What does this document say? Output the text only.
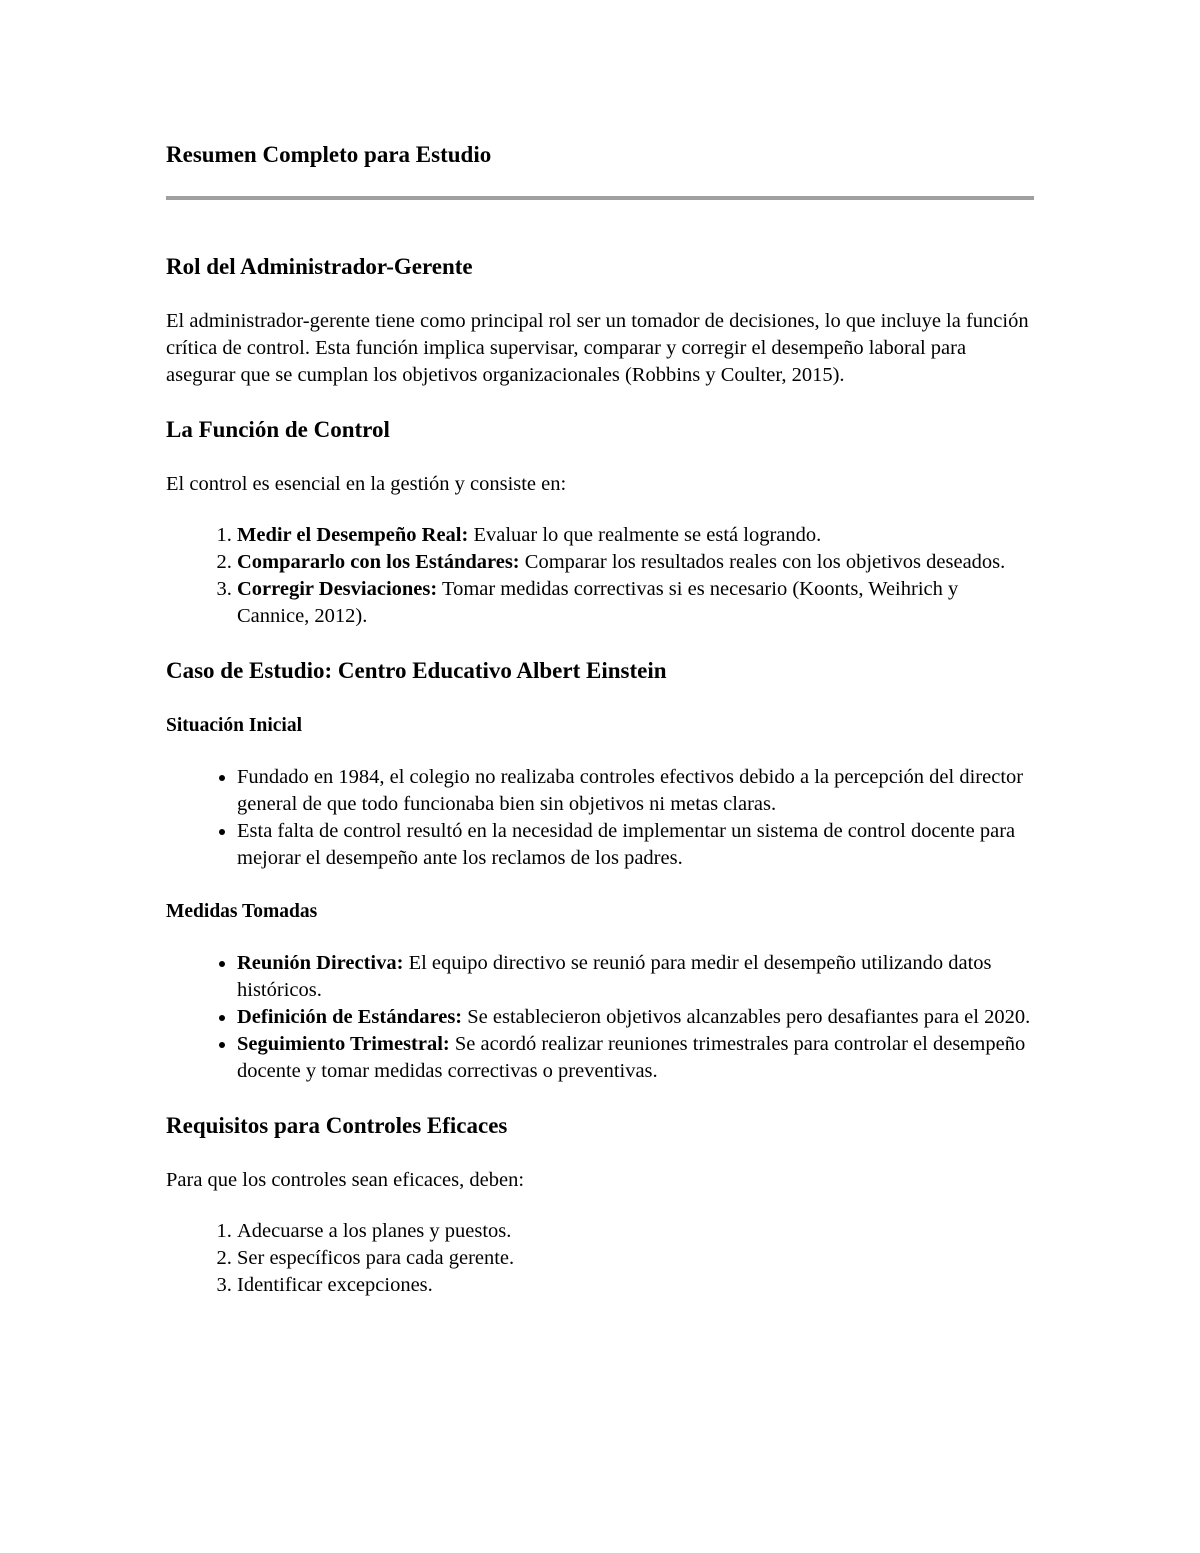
Resumen Completo para Estudio
Rol del Administrador-Gerente

El administrador-gerente tiene como principal rol ser un tomador de decisiones, lo que incluye la función crítica de control. Esta función implica supervisar, comparar y corregir el desempeño laboral para asegurar que se cumplan los objetivos organizacionales (Robbins y Coulter, 2015).

La Función de Control

El control es esencial en la gestión y consiste en:

1. Medir el Desempeño Real: Evaluar lo que realmente se está logrando.
2. Compararlo con los Estándares: Comparar los resultados reales con los objetivos deseados.
3. Corregir Desviaciones: Tomar medidas correctivas si es necesario (Koonts, Weihrich y Cannice, 2012).
Caso de Estudio: Centro Educativo Albert Einstein
Situación Inicial
• Fundado en 1984, el colegio no realizaba controles efectivos debido a la percepción del director general de que todo funcionaba bien sin objetivos ni metas claras.
• Esta falta de control resultó en la necesidad de implementar un sistema de control docente para mejorar el desempeño ante los reclamos de los padres.
Medidas Tomadas
• Reunión Directiva: El equipo directivo se reunió para medir el desempeño utilizando datos históricos.
• Definición de Estándares: Se establecieron objetivos alcanzables pero desafiantes para el 2020.
• Seguimiento Trimestral: Se acordó realizar reuniones trimestrales para controlar el desempeño docente y tomar medidas correctivas o preventivas.
Requisitos para Controles Eficaces

Para que los controles sean eficaces, deben:

1. Adecuarse a los planes y puestos.
2. Ser específicos para cada gerente.
3. Identificar excepciones.
